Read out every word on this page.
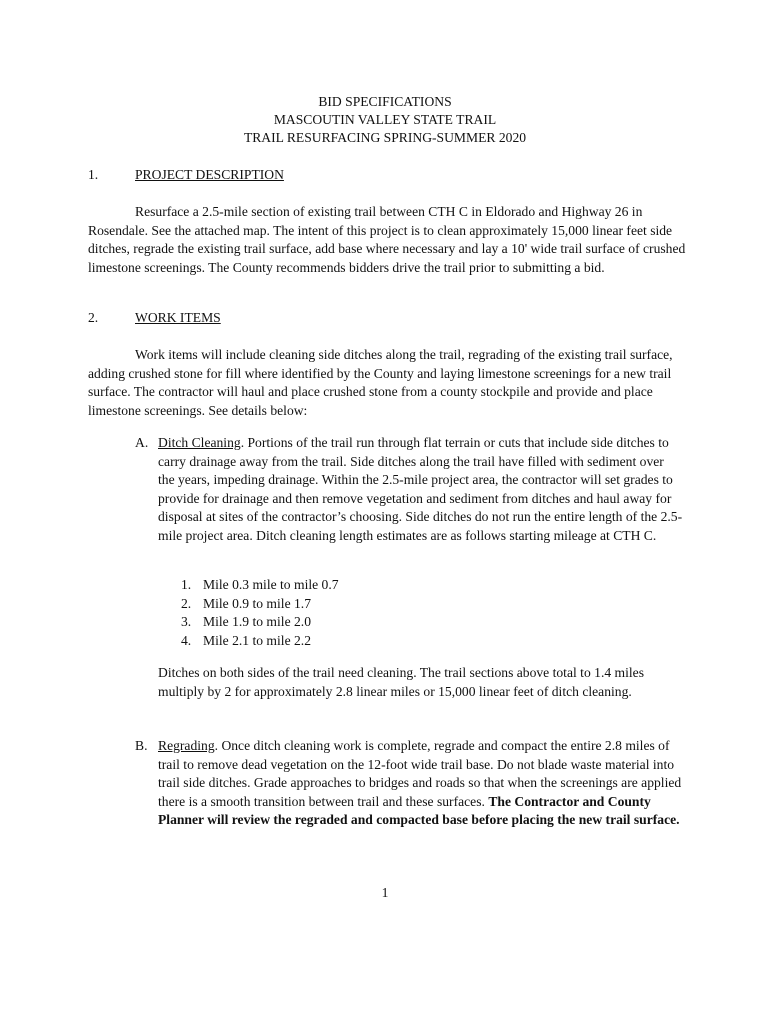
BID SPECIFICATIONS
MASCOUTIN VALLEY STATE TRAIL
TRAIL RESURFACING SPRING-SUMMER 2020
1.	PROJECT DESCRIPTION
Resurface a 2.5-mile section of existing trail between CTH C in Eldorado and Highway 26 in Rosendale. See the attached map. The intent of this project is to clean approximately 15,000 linear feet side ditches, regrade the existing trail surface, add base where necessary and lay a 10' wide trail surface of crushed limestone screenings. The County recommends bidders drive the trail prior to submitting a bid.
2.	WORK ITEMS
Work items will include cleaning side ditches along the trail, regrading of the existing trail surface, adding crushed stone for fill where identified by the County and laying limestone screenings for a new trail surface. The contractor will haul and place crushed stone from a county stockpile and provide and place limestone screenings. See details below:
A. Ditch Cleaning. Portions of the trail run through flat terrain or cuts that include side ditches to carry drainage away from the trail. Side ditches along the trail have filled with sediment over the years, impeding drainage. Within the 2.5-mile project area, the contractor will set grades to provide for drainage and then remove vegetation and sediment from ditches and haul away for disposal at sites of the contractor’s choosing. Side ditches do not run the entire length of the 2.5-mile project area. Ditch cleaning length estimates are as follows starting mileage at CTH C.
1. Mile 0.3 mile to mile 0.7
2. Mile 0.9 to mile 1.7
3. Mile 1.9 to mile 2.0
4. Mile 2.1 to mile 2.2
Ditches on both sides of the trail need cleaning. The trail sections above total to 1.4 miles multiply by 2 for approximately 2.8 linear miles or 15,000 linear feet of ditch cleaning.
B. Regrading. Once ditch cleaning work is complete, regrade and compact the entire 2.8 miles of trail to remove dead vegetation on the 12-foot wide trail base. Do not blade waste material into trail side ditches. Grade approaches to bridges and roads so that when the screenings are applied there is a smooth transition between trail and these surfaces. The Contractor and County Planner will review the regraded and compacted base before placing the new trail surface.
1
